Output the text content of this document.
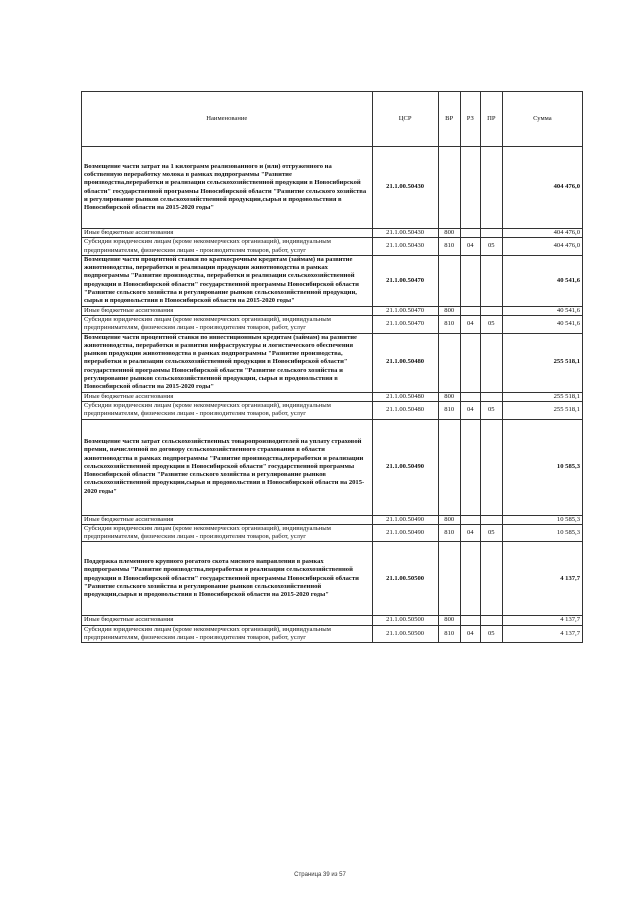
Наименование	ЦСР	ВР	РЗ	ПР	Сумма
Возмещение части затрат на 1 килограмм реализованного и (или) отгруженного на собственную переработку молока в рамках подпрограммы "Развитие производства,переработки и реализации сельскохозяйственной продукции в Новосибирской области" государственной программы Новосибирской области "Развитие сельского хозяйства и регулирование рынков сельскохозяйственной продукции,сырья и продовольствия в Новосибирской области на 2015-2020 годы"	21.1.00.50430				404 476,0
Иные бюджетные ассигнования	21.1.00.50430	800			404 476,0
Субсидии юридическим лицам (кроме некоммерческих организаций), индивидуальным предпринимателям, физическим лицам - производителям товаров, работ, услуг	21.1.00.50430	810	04	05	404 476,0
Возмещение части процентной ставки по краткосрочным кредитам (займам) на развитие животноводства, переработки и реализации продукции животноводства в рамках подпрограммы "Развитие производства, переработки и реализации сельскохозяйственной продукции в Новосибирской области" государственной программы Новосибирской области "Развитие сельского хозяйства и регулирование рынков сельскохозяйственной продукции, сырья и продовольствия в Новосибирской области на 2015-2020 годы"	21.1.00.50470				40 541,6
Иные бюджетные ассигнования	21.1.00.50470	800			40 541,6
Субсидии юридическим лицам (кроме некоммерческих организаций), индивидуальным предпринимателям, физическим лицам - производителям товаров, работ, услуг	21.1.00.50470	810	04	05	40 541,6
Возмещение части процентной ставки по инвестиционным кредитам (займам) на развитие животноводства, переработки и развития инфраструктуры и логистического обеспечения рынков продукции животноводства в рамках подпрограммы "Развитие производства, переработки и реализации сельскохозяйственной продукции в Новосибирской области" государственной программы Новосибирской области "Развитие сельского хозяйства и регулирование рынков сельскохозяйственной продукции, сырья и продовольствия в Новосибирской области на 2015-2020 годы"	21.1.00.50480				255 518,1
Иные бюджетные ассигнования	21.1.00.50480	800			255 518,1
Субсидии юридическим лицам (кроме некоммерческих организаций), индивидуальным предпринимателям, физическим лицам - производителям товаров, работ, услуг	21.1.00.50480	810	04	05	255 518,1
Возмещение части затрат сельскохозяйственных товаропроизводителей на уплату страховой премии, начисленной по договору сельскохозяйственного страхования в области животноводства в рамках подпрограммы "Развитие производства,переработки и реализации сельскохозяйственной продукции в Новосибирской области" государственной программы Новосибирской области "Развитие сельского хозяйства и регулирование рынков сельскохозяйственной продукции,сырья и продовольствия в Новосибирской области на 2015-2020 годы"	21.1.00.50490				10 585,3
Иные бюджетные ассигнования	21.1.00.50490	800			10 585,3
Субсидии юридическим лицам (кроме некоммерческих организаций), индивидуальным предпринимателям, физическим лицам - производителям товаров, работ, услуг	21.1.00.50490	810	04	05	10 585,3
Поддержка племенного крупного рогатого скота мясного направления в рамках подпрограммы "Развитие производства,переработки и реализации сельскохозяйственной продукции в Новосибирской области" государственной программы Новосибирской области "Развитие сельского хозяйства и регулирование рынков сельскохозяйственной продукции,сырья и продовольствия в Новосибирской области на 2015-2020 годы"	21.1.00.50500				4 137,7
Иные бюджетные ассигнования	21.1.00.50500	800			4 137,7
Субсидии юридическим лицам (кроме некоммерческих организаций), индивидуальным предпринимателям, физическим лицам - производителям товаров, работ, услуг	21.1.00.50500	810	04	05	4 137,7
Страница 39 из 57
